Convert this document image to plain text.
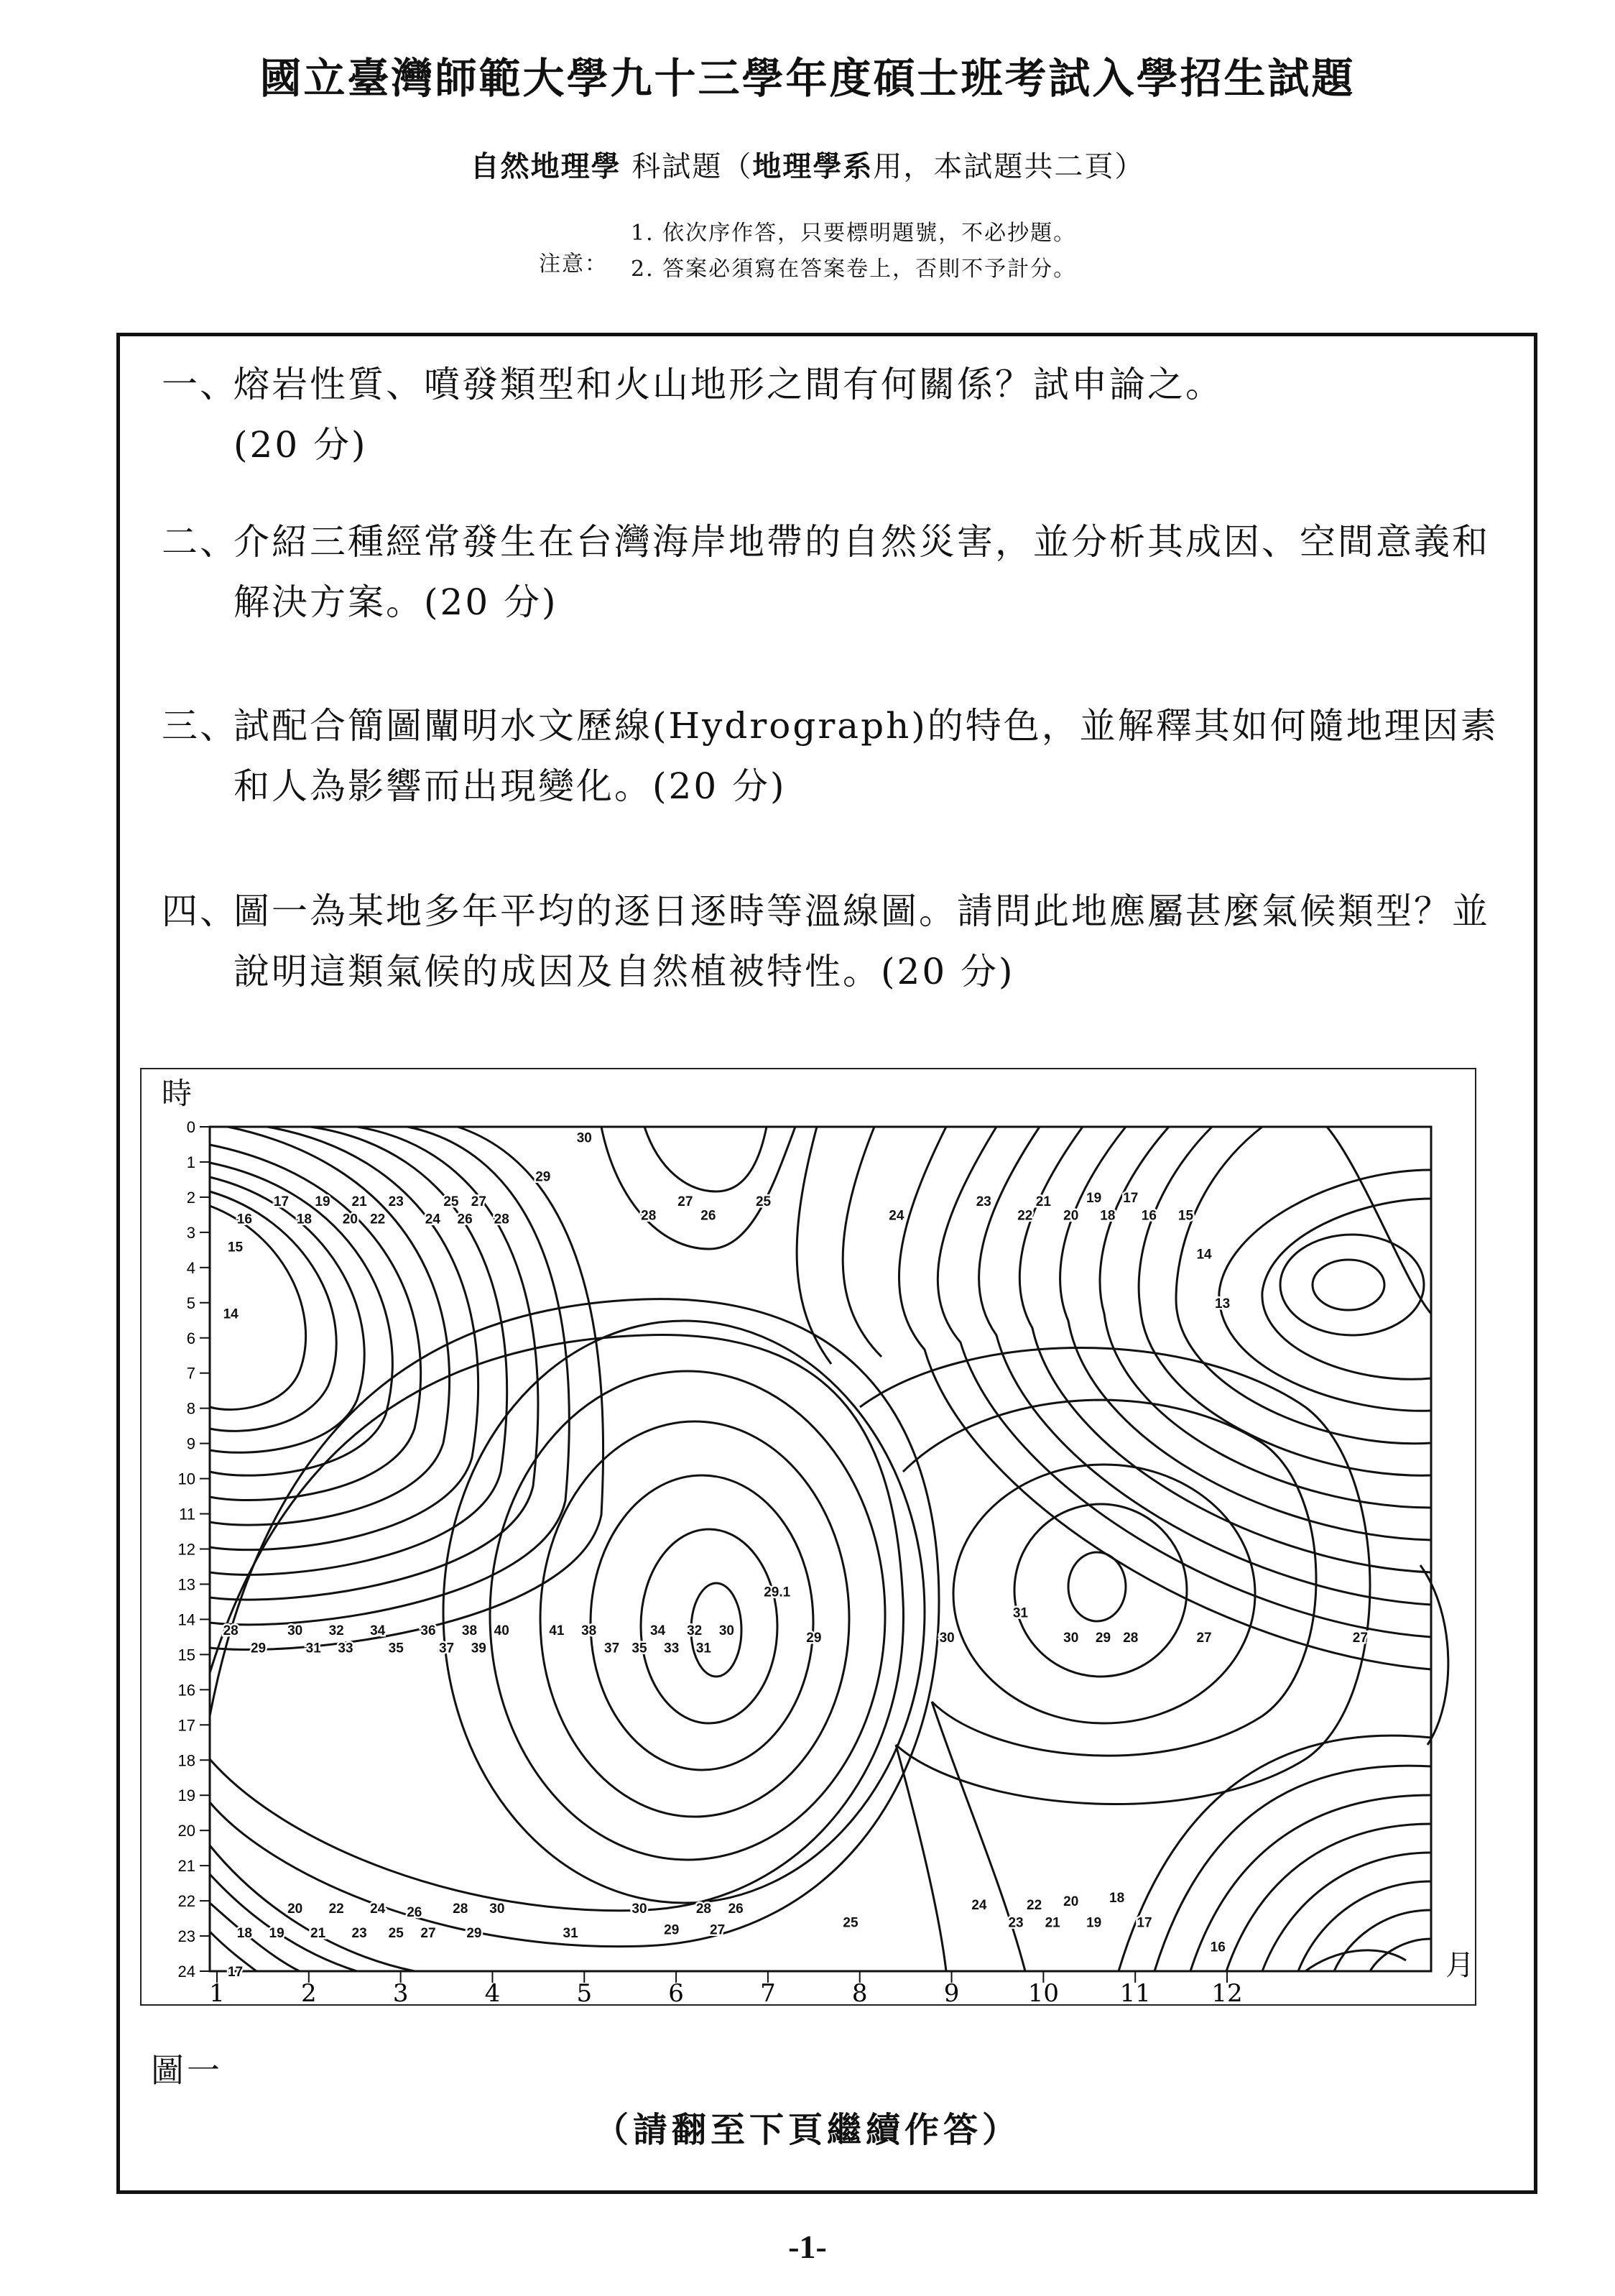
國立臺灣師範大學九十三學年度碩士班考試入學招生試題
自然地理學 科試題（地理學系用，本試題共二頁）
注意：
1. 依次序作答，只要標明題號，不必抄題。
2. 答案必須寫在答案卷上，否則不予計分。
一、
熔岩性質、噴發類型和火山地形之間有何關係？試申論之。
(20 分)
二、
介紹三種經常發生在台灣海岸地帶的自然災害，並分析其成因、空間意義和解決方案。(20 分)
三、
試配合簡圖闡明水文歷線(Hydrograph)的特色，並解釋其如何隨地理因素和人為影響而出現變化。(20 分)
四、
圖一為某地多年平均的逐日逐時等溫線圖。請問此地應屬甚麼氣候類型？並說明這類氣候的成因及自然植被特性。(20 分)
時
月
0
1
2
3
4
5
6
7
8
9
10
11
12
13
14
15
16
17
18
19
20
21
22
23
24
1	2	3	4	5	6	7	8	9	10 11 12
30
29
17 19 21 23	25 27
16	18 20 22	24 26 28
15
14
28
27
26
25
24
23
22
21
20
19
18
17
16 15
14
13
28
29
30
31
32
33
34
35
36
37
38
39
40	41 38
37 35
34
33
32
31
30
29.1
29	30
31
30 29 28	27	27
20 22 24 26 28 30
18 19 21 23 25 27 29	31
17
30
29
28
27
26
25
24
23
22
21
20
19
18
17
16
圖一
（請翻至下頁繼續作答）
-1-
